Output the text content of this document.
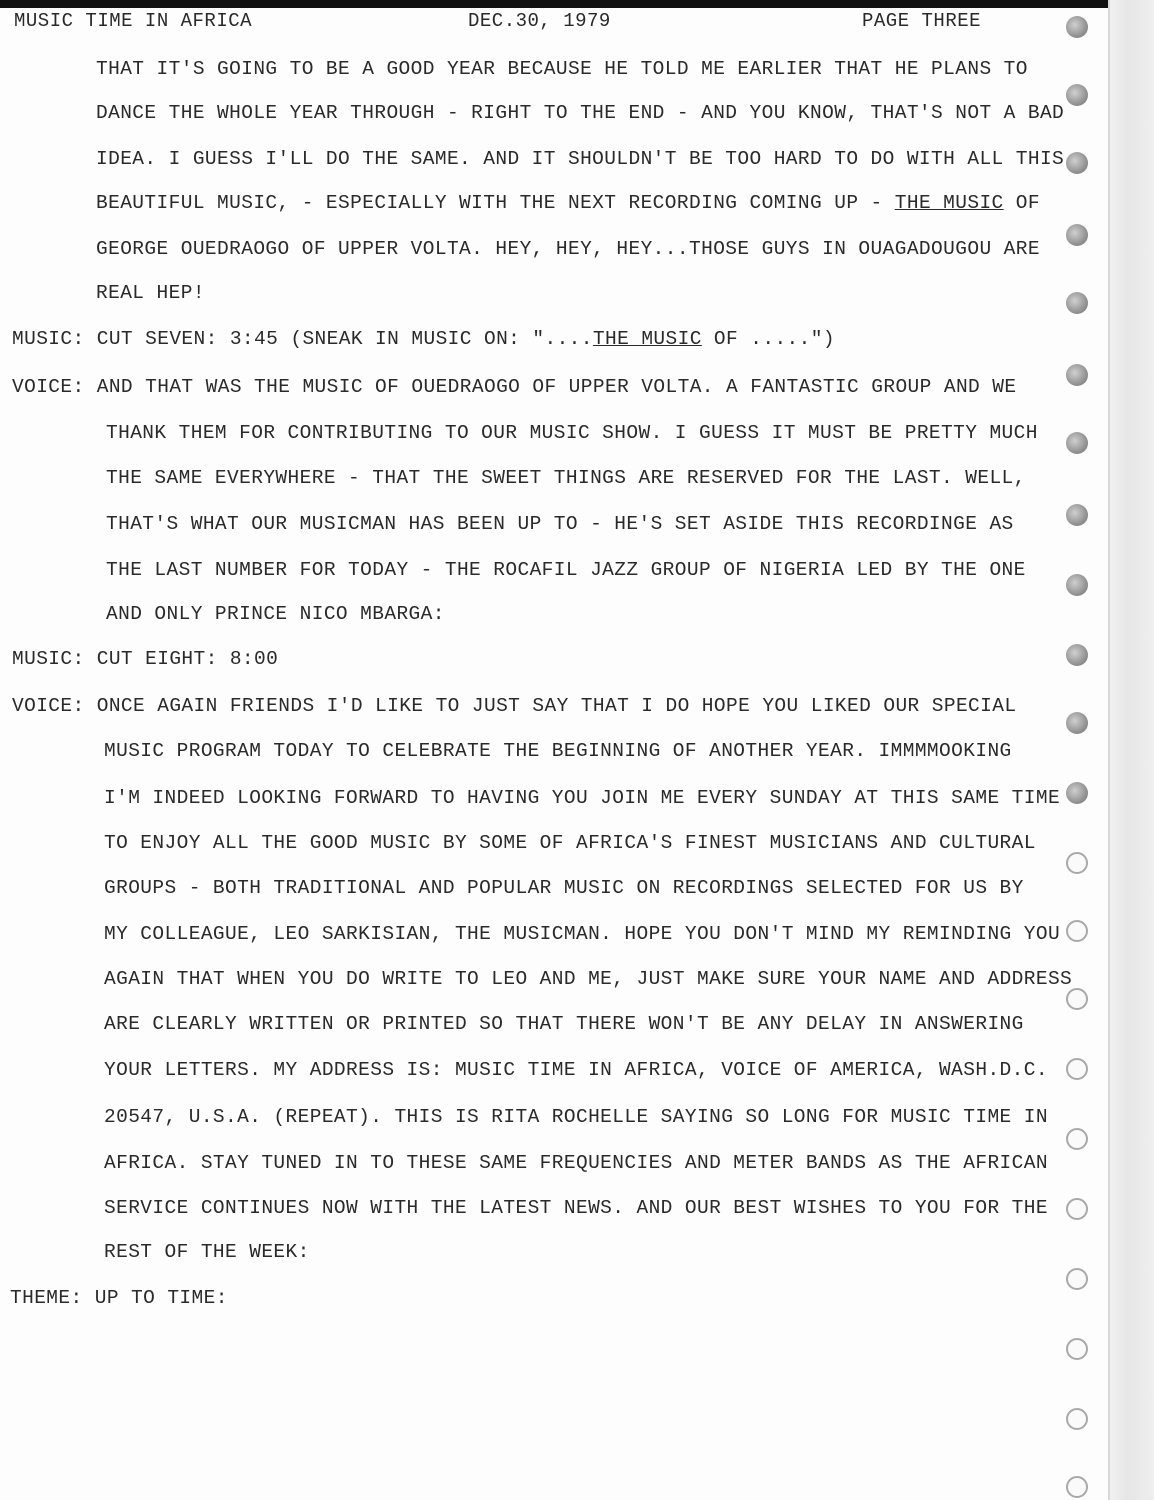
MUSIC TIME IN AFRICA	DEC.30, 1979	PAGE THREE
THAT IT'S GOING TO BE A GOOD YEAR BECAUSE HE TOLD ME EARLIER THAT HE PLANS TO
DANCE THE WHOLE YEAR THROUGH - RIGHT TO THE END - AND YOU KNOW, THAT'S NOT A BAD
IDEA. I GUESS I'LL DO THE SAME. AND IT SHOULDN'T BE TOO HARD TO DO WITH ALL THIS
BEAUTIFUL MUSIC, - ESPECIALLY WITH THE NEXT RECORDING COMING UP - THE MUSIC OF
GEORGE OUEDRAOGO OF UPPER VOLTA. HEY, HEY, HEY...THOSE GUYS IN OUAGADOUGOU ARE
REAL HEP!
MUSIC: CUT SEVEN: 3:45 (SNEAK IN MUSIC ON: "....THE MUSIC OF .....")
VOICE: AND THAT WAS THE MUSIC OF OUEDRAOGO OF UPPER VOLTA. A FANTASTIC GROUP AND WE
THANK THEM FOR CONTRIBUTING TO OUR MUSIC SHOW. I GUESS IT MUST BE PRETTY MUCH
THE SAME EVERYWHERE - THAT THE SWEET THINGS ARE RESERVED FOR THE LAST. WELL,
THAT'S WHAT OUR MUSICMAN HAS BEEN UP TO - HE'S SET ASIDE THIS RECORDINGE AS
THE LAST NUMBER FOR TODAY - THE ROCAFIL JAZZ GROUP OF NIGERIA LED BY THE ONE
AND ONLY PRINCE NICO MBARGA:
MUSIC: CUT EIGHT: 8:00
VOICE: ONCE AGAIN FRIENDS I'D LIKE TO JUST SAY THAT I DO HOPE YOU LIKED OUR SPECIAL
MUSIC PROGRAM TODAY TO CELEBRATE THE BEGINNING OF ANOTHER YEAR. IMMMMOOKING
I'M INDEED LOOKING FORWARD TO HAVING YOU JOIN ME EVERY SUNDAY AT THIS SAME TIME
TO ENJOY ALL THE GOOD MUSIC BY SOME OF AFRICA'S FINEST MUSICIANS AND CULTURAL
GROUPS - BOTH TRADITIONAL AND POPULAR MUSIC ON RECORDINGS SELECTED FOR US BY
MY COLLEAGUE, LEO SARKISIAN, THE MUSICMAN. HOPE YOU DON'T MIND MY REMINDING YOU
AGAIN THAT WHEN YOU DO WRITE TO LEO AND ME, JUST MAKE SURE YOUR NAME AND ADDRESS
ARE CLEARLY WRITTEN OR PRINTED SO THAT THERE WON'T BE ANY DELAY IN ANSWERING
YOUR LETTERS. MY ADDRESS IS: MUSIC TIME IN AFRICA, VOICE OF AMERICA, WASH.D.C.
20547, U.S.A. (REPEAT). THIS IS RITA ROCHELLE SAYING SO LONG FOR MUSIC TIME IN
AFRICA. STAY TUNED IN TO THESE SAME FREQUENCIES AND METER BANDS AS THE AFRICAN
SERVICE CONTINUES NOW WITH THE LATEST NEWS. AND OUR BEST WISHES TO YOU FOR THE
REST OF THE WEEK:
THEME: UP TO TIME:
